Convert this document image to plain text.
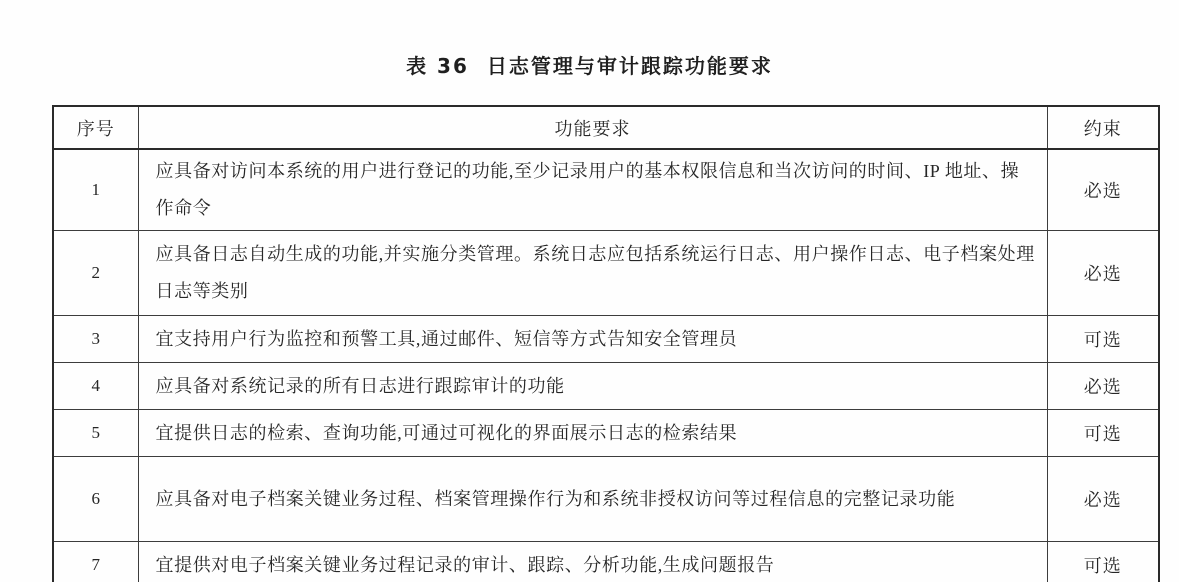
表 36 日志管理与审计跟踪功能要求
序号	功能要求	约束
1	应具备对访问本系统的用户进行登记的功能,至少记录用户的基本权限信息和当次访问的时间、IP 地址、操作命令	必选
2	应具备日志自动生成的功能,并实施分类管理。系统日志应包括系统运行日志、用户操作日志、电子档案处理日志等类别	必选
3	宜支持用户行为监控和预警工具,通过邮件、短信等方式告知安全管理员	可选
4	应具备对系统记录的所有日志进行跟踪审计的功能	必选
5	宜提供日志的检索、查询功能,可通过可视化的界面展示日志的检索结果	可选
6	应具备对电子档案关键业务过程、档案管理操作行为和系统非授权访问等过程信息的完整记录功能	必选
7	宜提供对电子档案关键业务过程记录的审计、跟踪、分析功能,生成问题报告	可选
